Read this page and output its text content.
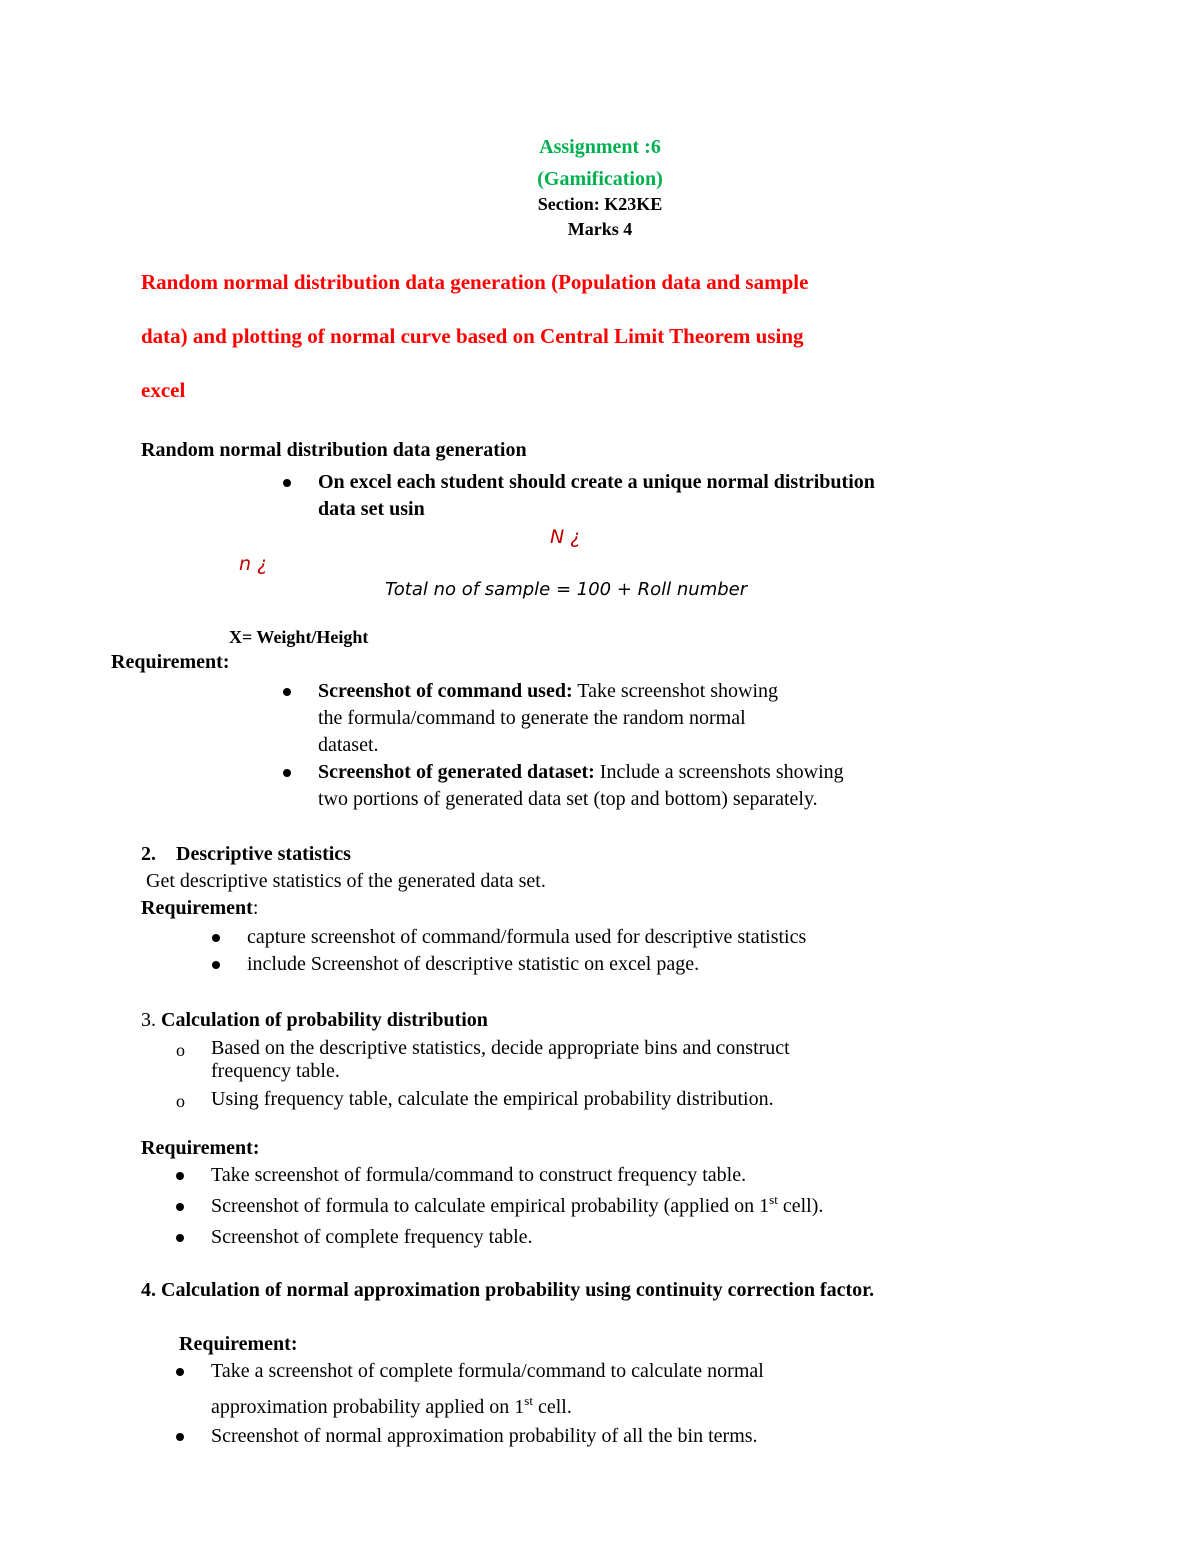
Assignment :6
(Gamification)
Section: K23KE
Marks 4
Random normal distribution data generation (Population data and sample
data) and plotting of normal curve based on Central Limit Theorem using
excel
Random normal distribution data generation
On excel each student should create a unique normal distribution
data set usin
N ¿
n ¿
Total no of sample = 100 + Roll number
X= Weight/Height
Requirement:
Screenshot of command used: Take screenshot showing
the formula/command to generate the random normal
dataset.
Screenshot of generated dataset: Include a screenshots showing
two portions of generated data set (top and bottom) separately.
2. Descriptive statistics
Get descriptive statistics of the generated data set.
Requirement:
capture screenshot of command/formula used for descriptive statistics
include Screenshot of descriptive statistic on excel page.
3. Calculation of probability distribution
o Based on the descriptive statistics, decide appropriate bins and construct
frequency table.
o Using frequency table, calculate the empirical probability distribution.
Requirement:
Take screenshot of formula/command to construct frequency table.
Screenshot of formula to calculate empirical probability (applied on 1st cell).
Screenshot of complete frequency table.
4. Calculation of normal approximation probability using continuity correction factor.
Requirement:
Take a screenshot of complete formula/command to calculate normal
approximation probability applied on 1st cell.
Screenshot of normal approximation probability of all the bin terms.
